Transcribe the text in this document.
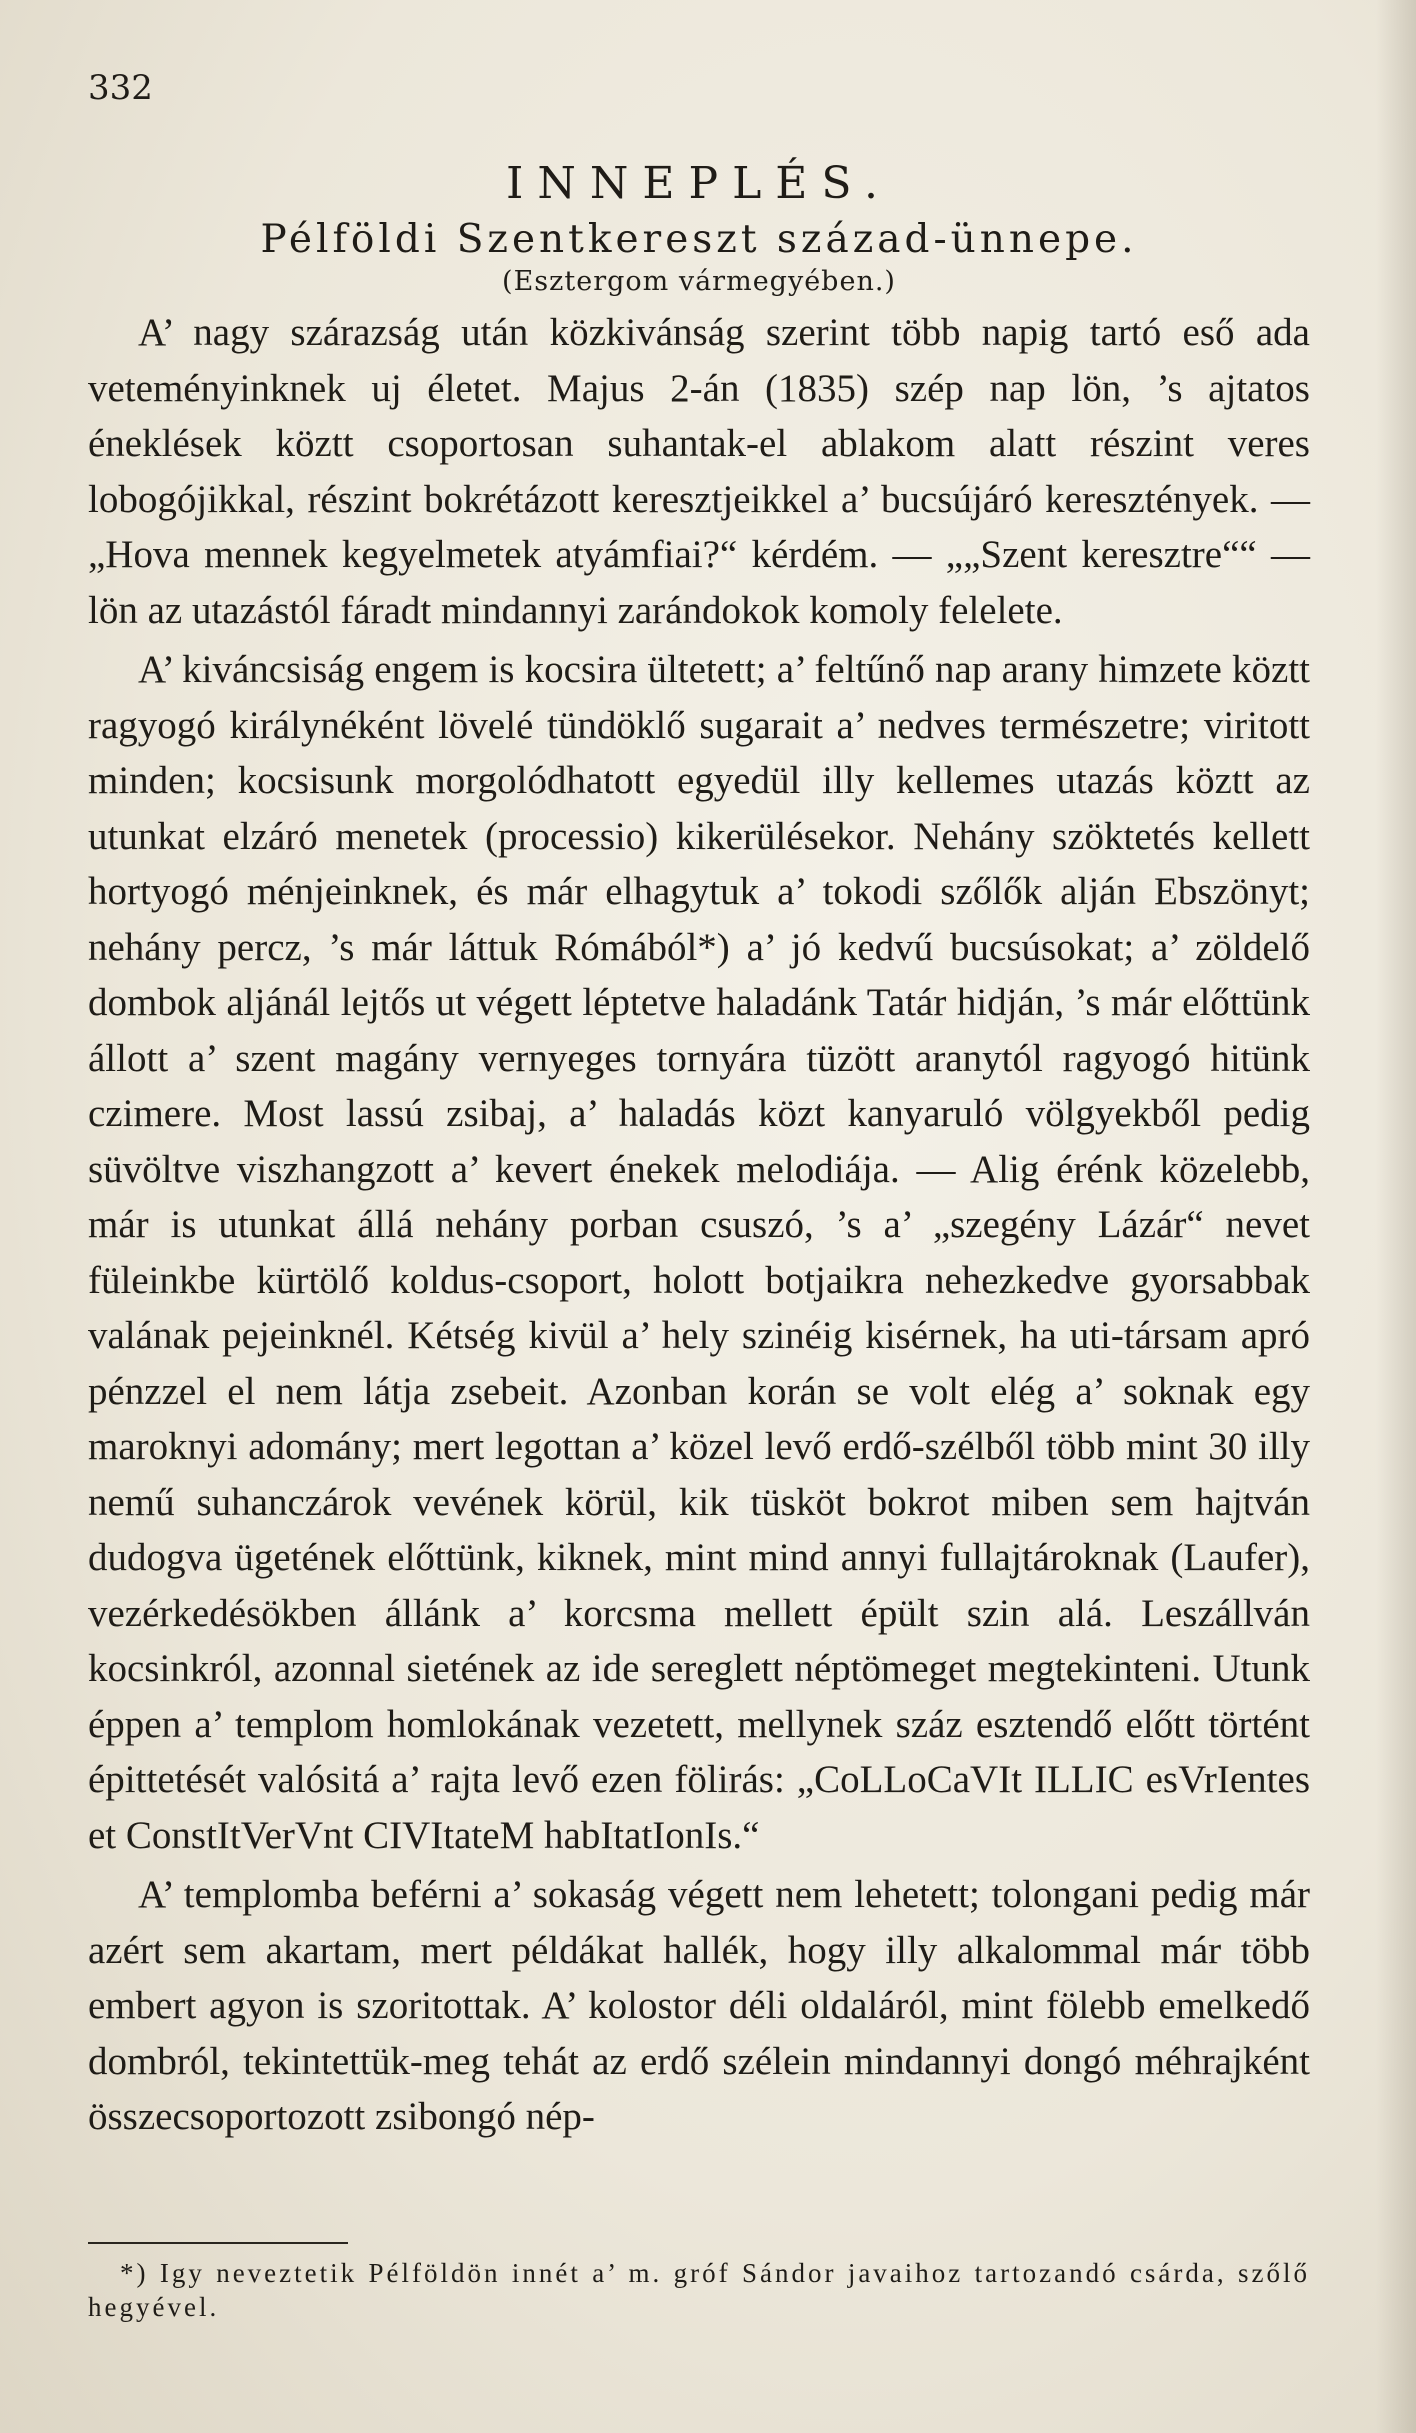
332
INNEPLÉS.
Pélföldi Szentkereszt század-ünnepe.
(Esztergom vármegyében.)

A’ nagy szárazság után közkivánság szerint több napig tartó eső ada veteményinknek uj életet. Majus 2-án (1835) szép nap lön, ’s ajtatos éneklések köztt csoportosan suhantak-el ablakom alatt részint veres lobogójikkal, részint bokrétázott keresztjeikkel a’ bucsújáró keresztények. — „Hova mennek kegyelmetek atyámfiai?“ kérdém. — „„Szent keresztre““ — lön az utazástól fáradt mindannyi zarándokok komoly felelete.

A’ kiváncsiság engem is kocsira ültetett; a’ feltűnő nap arany himzete köztt ragyogó királynéként lövelé tündöklő sugarait a’ nedves természetre; viritott minden; kocsisunk morgolódhatott egyedül illy kellemes utazás köztt az utunkat elzáró menetek (processio) kikerülésekor. Nehány szöktetés kellett hortyogó ménjeinknek, és már elhagytuk a’ tokodi szőlők alján Ebszönyt; nehány percz, ’s már láttuk Rómából*) a’ jó kedvű bucsúsokat; a’ zöldelő dombok aljánál lejtős ut végett léptetve haladánk Tatár hidján, ’s már előttünk állott a’ szent magány vernyeges tornyára tüzött aranytól ragyogó hitünk czimere. Most lassú zsibaj, a’ haladás közt kanyaruló völgyekből pedig süvöltve viszhangzott a’ kevert énekek melodiája. — Alig érénk közelebb, már is utunkat állá nehány porban csuszó, ’s a’ „szegény Lázár“ nevet füleinkbe kürtölő koldus-csoport, holott botjaikra nehezkedve gyorsabbak valának pejeinknél. Kétség kivül a’ hely szinéig kisérnek, ha uti-társam apró pénzzel el nem látja zsebeit. Azonban korán se volt elég a’ soknak egy maroknyi adomány; mert legottan a’ közel levő erdő-szélből több mint 30 illy nemű suhanczárok vevének körül, kik tüsköt bokrot miben sem hajtván dudogva ügetének előttünk, kiknek, mint mind annyi fullajtároknak (Laufer), vezérkedésökben állánk a’ korcsma mellett épült szin alá. Leszállván kocsinkról, azonnal sietének az ide sereglett néptömeget megtekinteni. Utunk éppen a’ templom homlokának vezetett, mellynek száz esztendő előtt történt épittetését valósitá a’ rajta levő ezen fölirás: „CoLLoCaVIt ILLIC esVrIentes et ConstItVerVnt CIVItateM habItatIonIs.“

A’ templomba beférni a’ sokaság végett nem lehetett; tolongani pedig már azért sem akartam, mert példákat hallék, hogy illy alkalommal már több embert agyon is szoritottak. A’ kolostor déli oldaláról, mint fölebb emelkedő dombról, tekintettük-meg tehát az erdő szélein mindannyi dongó méhrajként összecsoportozott zsibongó nép-

*) Igy neveztetik Pélföldön innét a’ m. gróf Sándor javaihoz tartozandó csárda, szőlő hegyével.
